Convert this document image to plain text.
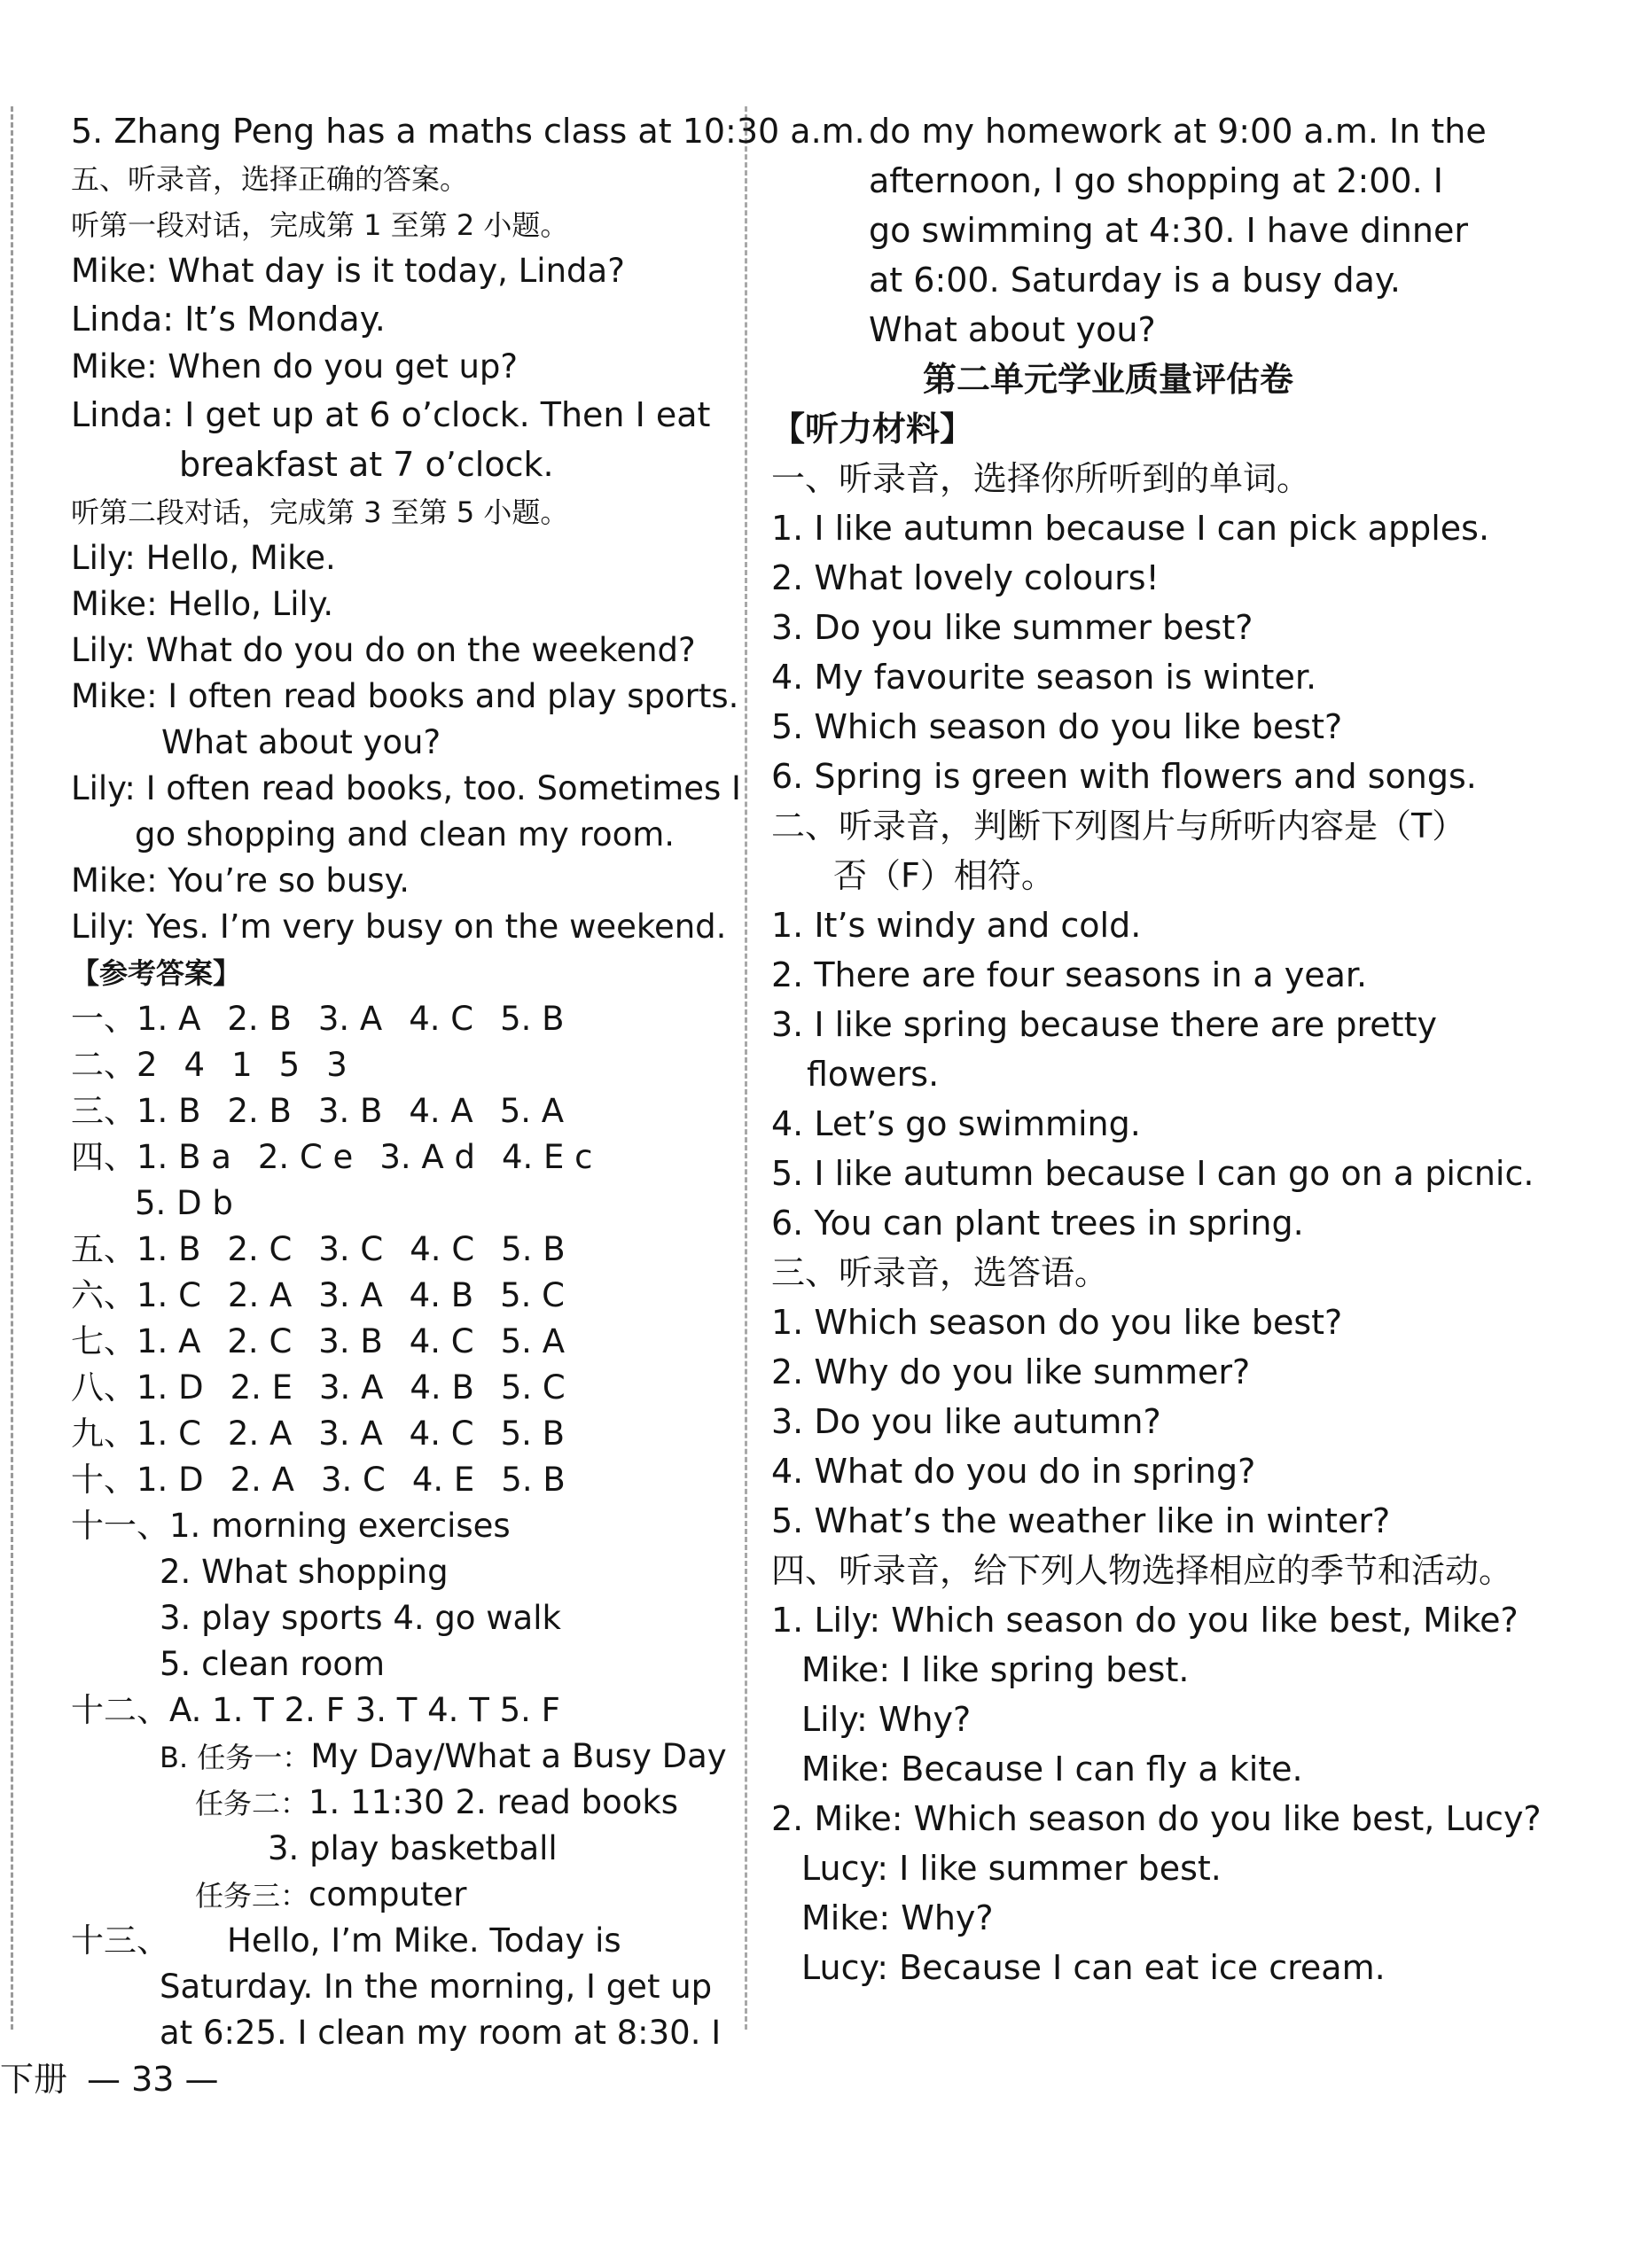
5. Zhang Peng has a maths class at 10:30 a.m.
五、听录音，选择正确的答案。
听第一段对话，完成第 1 至第 2 小题。
Mike: What day is it today, Linda?
Linda: It’s Monday.
Mike: When do you get up?
Linda: I get up at 6 o’clock. Then I eat
breakfast at 7 o’clock.
听第二段对话，完成第 3 至第 5 小题。
Lily: Hello, Mike.
Mike: Hello, Lily.
Lily: What do you do on the weekend?
Mike: I often read books and play sports.
What about you?
Lily: I often read books, too. Sometimes I
go shopping and clean my room.
Mike: You’re so busy.
Lily: Yes. I’m very busy on the weekend.
【参考答案】
一、1. A 2. B 3. A 4. C 5. B
二、2 4 1 5 3
三、1. B 2. B 3. B 4. A 5. A
四、1. B a 2. C e 3. A d 4. E c
5. D b
五、1. B 2. C 3. C 4. C 5. B
六、1. C 2. A 3. A 4. B 5. C
七、1. A 2. C 3. B 4. C 5. A
八、1. D 2. E 3. A 4. B 5. C
九、1. C 2. A 3. A 4. C 5. B
十、1. D 2. A 3. C 4. E 5. B
十一、1. morning exercises
2. What shopping
3. play sports 4. go walk
5. clean room
十二、A. 1. T 2. F 3. T 4. T 5. F
B. 任务一：My Day/What a Busy Day
任务二：1. 11:30 2. read books
3. play basketball
任务三：computer
十三、 Hello, I’m Mike. Today is
Saturday. In the morning, I get up
at 6:25. I clean my room at 8:30. I
do my homework at 9:00 a.m. In the
afternoon, I go shopping at 2:00. I
go swimming at 4:30. I have dinner
at 6:00. Saturday is a busy day.
What about you?
第二单元学业质量评估卷
【听力材料】
一、听录音，选择你所听到的单词。
1. I like autumn because I can pick apples.
2. What lovely colours!
3. Do you like summer best?
4. My favourite season is winter.
5. Which season do you like best?
6. Spring is green with flowers and songs.
二、听录音，判断下列图片与所听内容是（T）
否（F）相符。
1. It’s windy and cold.
2. There are four seasons in a year.
3. I like spring because there are pretty
flowers.
4. Let’s go swimming.
5. I like autumn because I can go on a picnic.
6. You can plant trees in spring.
三、听录音，选答语。
1. Which season do you like best?
2. Why do you like summer?
3. Do you like autumn?
4. What do you do in spring?
5. What’s the weather like in winter?
四、听录音，给下列人物选择相应的季节和活动。
1. Lily: Which season do you like best, Mike?
Mike: I like spring best.
Lily: Why?
Mike: Because I can fly a kite.
2. Mike: Which season do you like best, Lucy?
Lucy: I like summer best.
Mike: Why?
Lucy: Because I can eat ice cream.
下册 — 33 —
